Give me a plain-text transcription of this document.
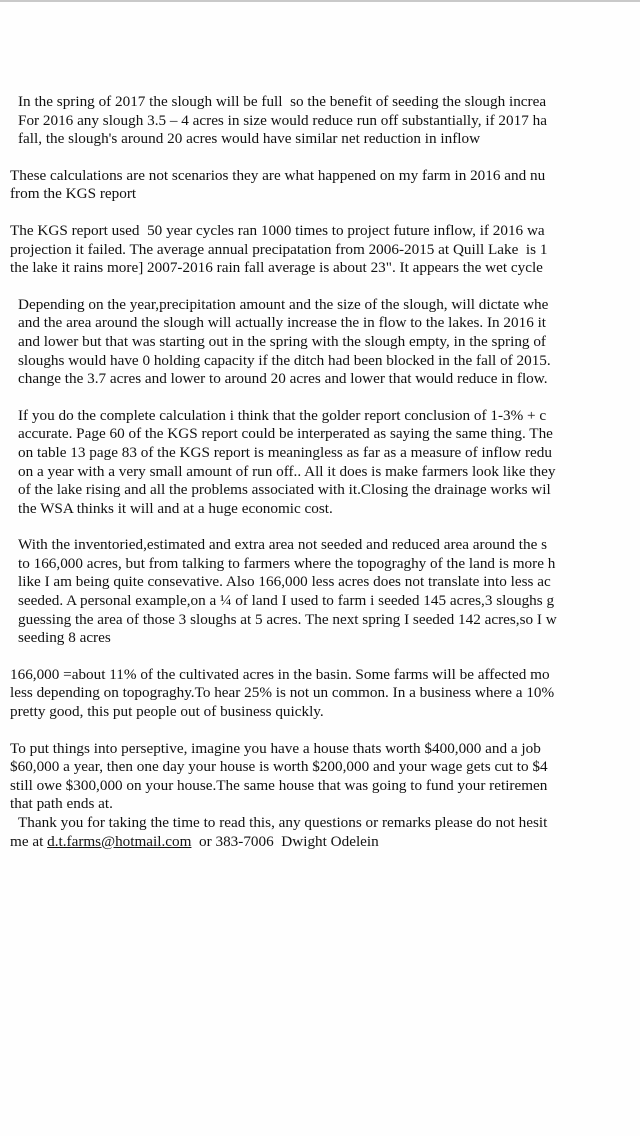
In the spring of 2017 the slough will be full  so the benefit of seeding the slough increa
For 2016 any slough 3.5 – 4 acres in size would reduce run off substantially, if 2017 ha
fall, the slough's around 20 acres would have similar net reduction in inflow
These calculations are not scenarios they are what happened on my farm in 2016 and nu
from the KGS report
The KGS report used  50 year cycles ran 1000 times to project future inflow, if 2016 wa
projection it failed. The average annual precipatation from 2006-2015 at Quill Lake  is 1
the lake it rains more] 2007-2016 rain fall average is about 23". It appears the wet cycle
Depending on the year,precipitation amount and the size of the slough, will dictate whe
and the area around the slough will actually increase the in flow to the lakes. In 2016 it
and lower but that was starting out in the spring with the slough empty, in the spring of
sloughs would have 0 holding capacity if the ditch had been blocked in the fall of 2015.
change the 3.7 acres and lower to around 20 acres and lower that would reduce in flow.
If you do the complete calculation i think that the golder report conclusion of 1-3% + c
accurate. Page 60 of the KGS report could be interperated as saying the same thing. The
on table 13 page 83 of the KGS report is meaningless as far as a measure of inflow redu
on a year with a very small amount of run off.. All it does is make farmers look like they
of the lake rising and all the problems associated with it.Closing the drainage works wil
the WSA thinks it will and at a huge economic cost.
With the inventoried,estimated and extra area not seeded and reduced area around the s
to 166,000 acres, but from talking to farmers where the topograghy of the land is more h
like I am being quite consevative. Also 166,000 less acres does not translate into less ac
seeded. A personal example,on a ¼ of land I used to farm i seeded 145 acres,3 sloughs g
guessing the area of those 3 sloughs at 5 acres. The next spring I seeded 142 acres,so I w
seeding 8 acres
166,000 =about 11% of the cultivated acres in the basin. Some farms will be affected mo
less depending on topograghy.To hear 25% is not un common. In a business where a 10%
pretty good, this put people out of business quickly.
To put things into perseptive, imagine you have a house thats worth $400,000 and a job
$60,000 a year, then one day your house is worth $200,000 and your wage gets cut to $4
still owe $300,000 on your house.The same house that was going to fund your retiremen
that path ends at.
Thank you for taking the time to read this, any questions or remarks please do not hesit
me at d.t.farms@hotmail.com  or 383-7006  Dwight Odelein
